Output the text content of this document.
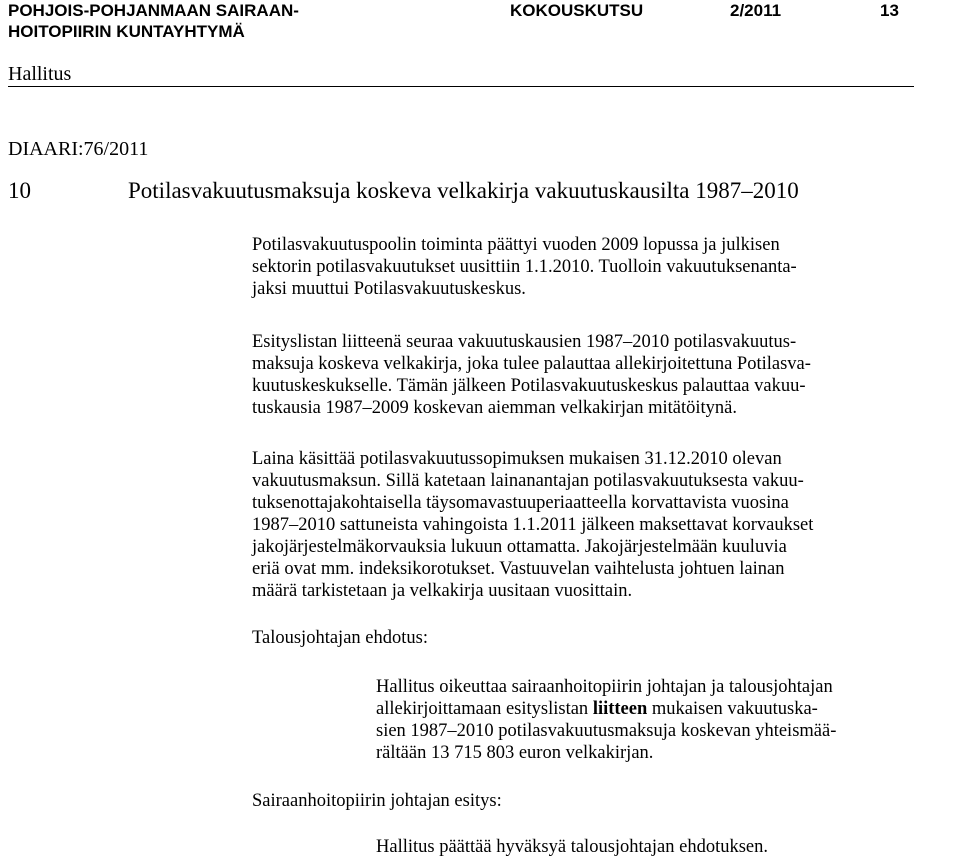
POHJOIS-POHJANMAAN SAIRAAN-
HOITOPIIRIN KUNTAYHTYMÄ
KOKOUSKUTSU	2/2011	13
Hallitus
DIAARI:76/2011
10	Potilasvakuutusmaksuja koskeva velkakirja vakuutuskausilta 1987–2010
Potilasvakuutuspoolin toiminta päättyi vuoden 2009 lopussa ja julkisen
sektorin potilasvakuutukset uusittiin 1.1.2010. Tuolloin vakuutuksenanta-
jaksi muuttui Potilasvakuutuskeskus.
Esityslistan liitteenä seuraa vakuutuskausien 1987–2010 potilasvakuutus-
maksuja koskeva velkakirja, joka tulee palauttaa allekirjoitettuna Potilasva-
kuutuskeskukselle. Tämän jälkeen Potilasvakuutuskeskus palauttaa vakuu-
tuskausia 1987–2009 koskevan aiemman velkakirjan mitätöitynä.
Laina käsittää potilasvakuutussopimuksen mukaisen 31.12.2010 olevan
vakuutusmaksun. Sillä katetaan lainanantajan potilasvakuutuksesta vakuu-
tuksenottajakohtaisella täysomavastuuperiaatteella korvattavista vuosina
1987–2010 sattuneista vahingoista 1.1.2011 jälkeen maksettavat korvaukset
jakojärjestelmäkorvauksia lukuun ottamatta. Jakojärjestelmään kuuluvia
eriä ovat mm. indeksikorotukset. Vastuuvelan vaihtelusta johtuen lainan
määrä tarkistetaan ja velkakirja uusitaan vuosittain.
Talousjohtajan ehdotus:
Hallitus oikeuttaa sairaanhoitopiirin johtajan ja talousjohtajan
allekirjoittamaan esityslistan liitteen mukaisen vakuutuska-
sien 1987–2010 potilasvakuutusmaksuja koskevan yhteismää-
rältään 13 715 803 euron velkakirjan.
Sairaanhoitopiirin johtajan esitys:
Hallitus päättää hyväksyä talousjohtajan ehdotuksen.
